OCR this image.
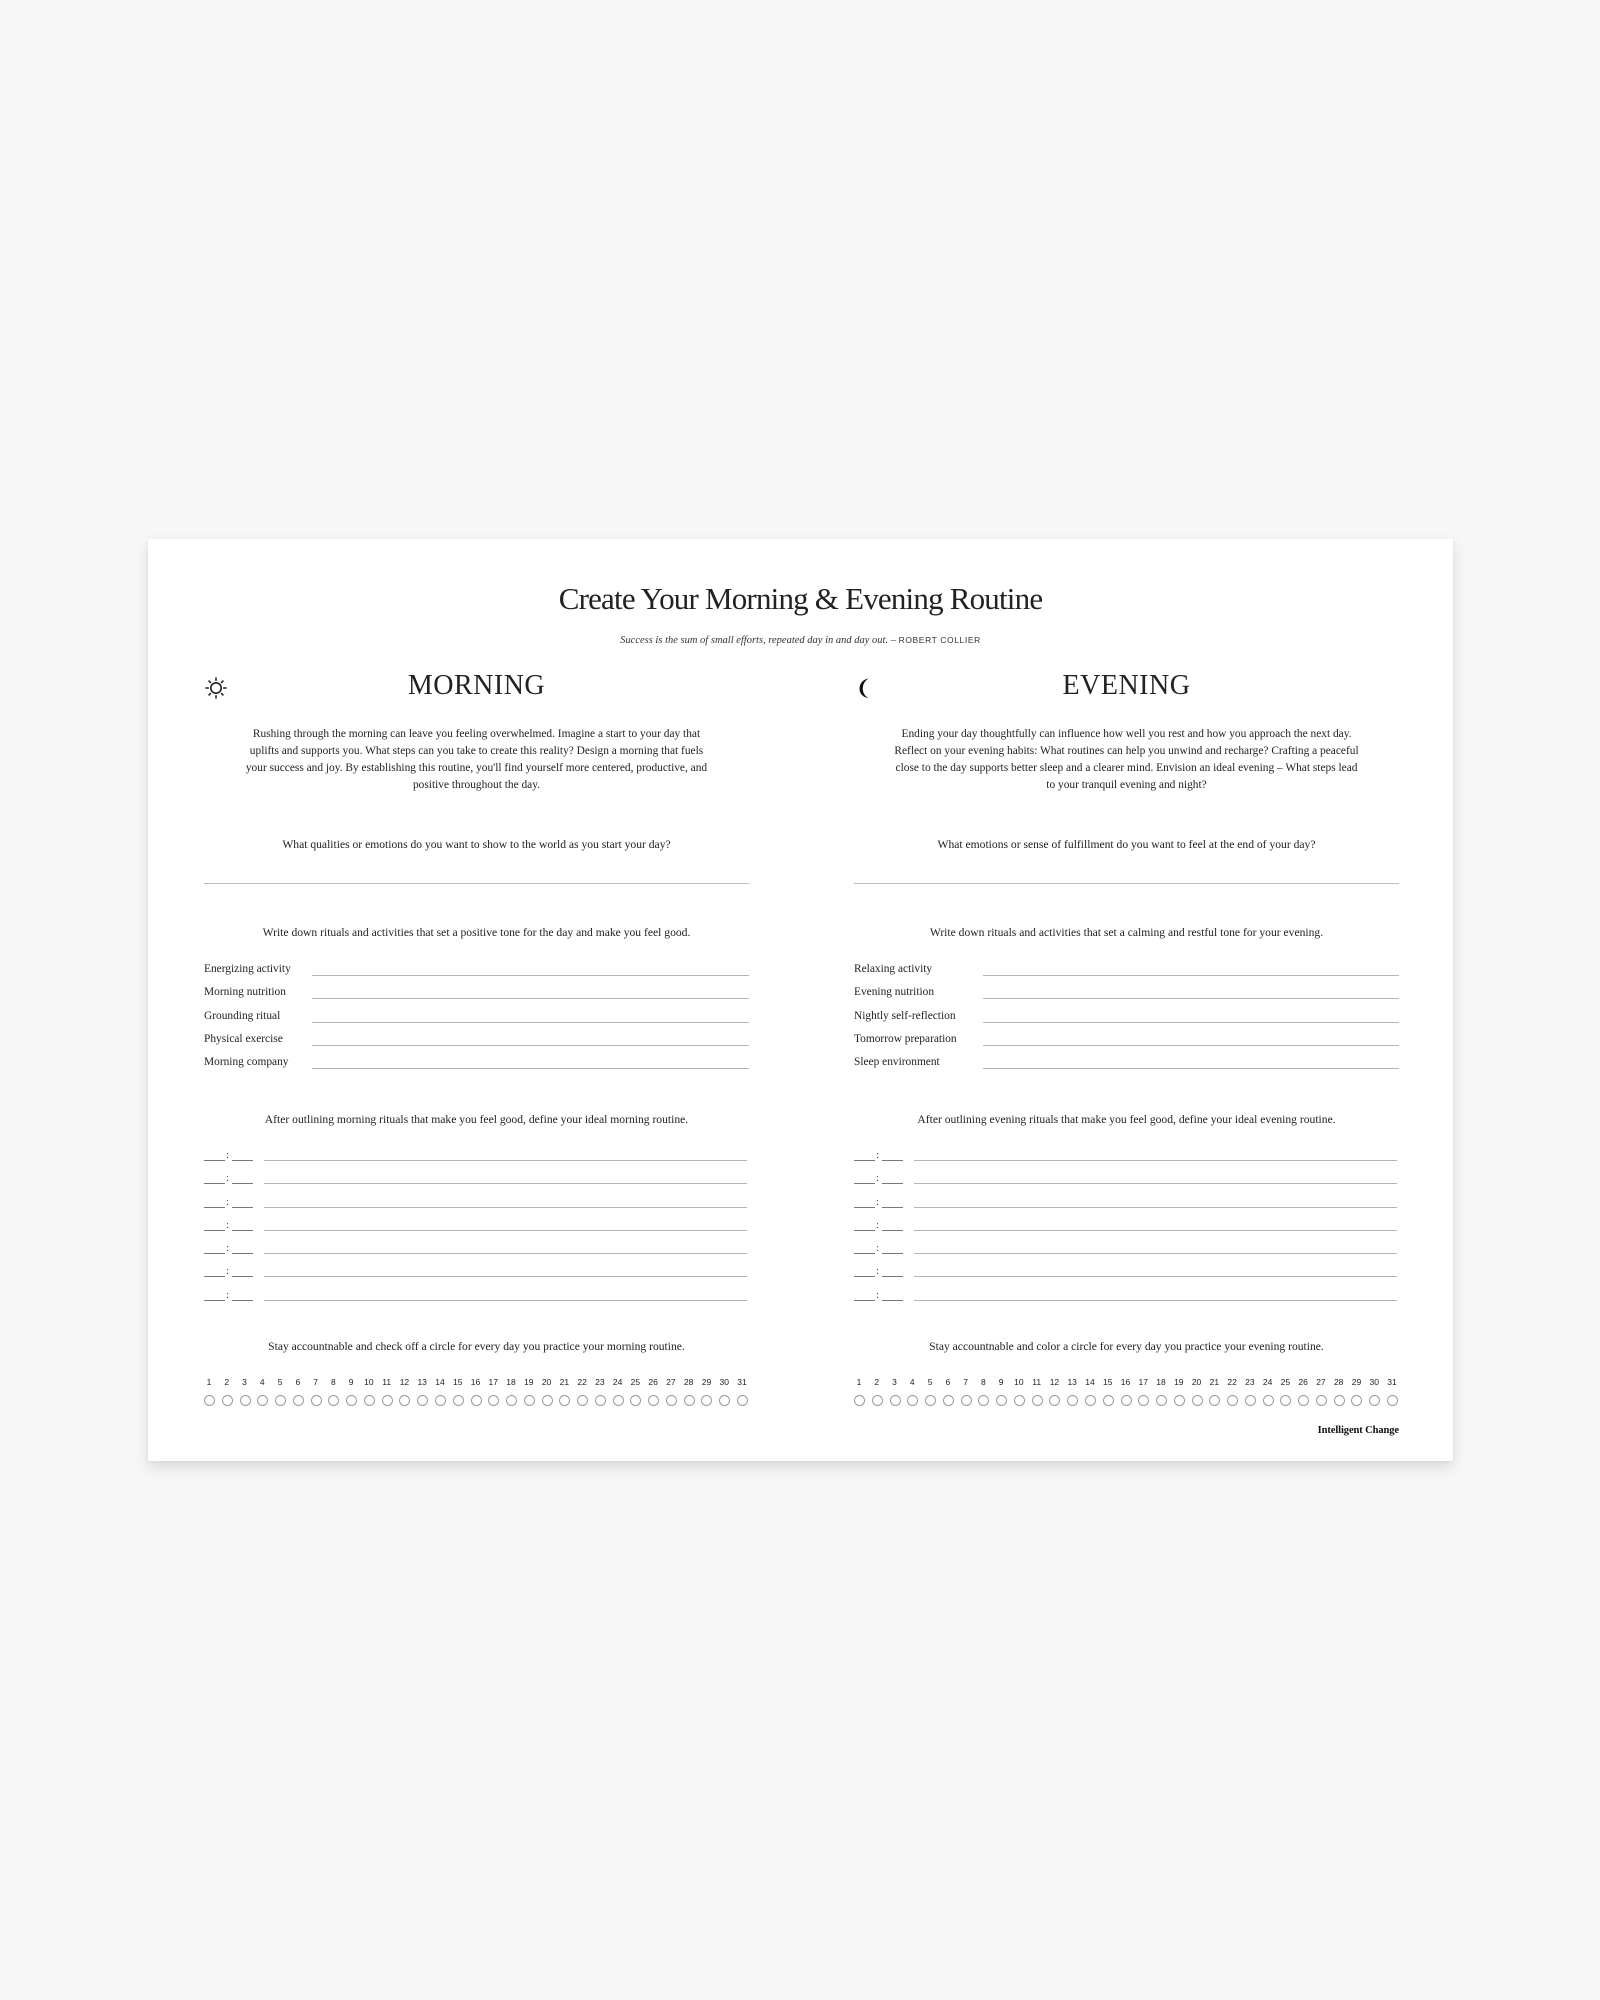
Create Your Morning & Evening Routine
Success is the sum of small efforts, repeated day in and day out. – ROBERT COLLIER
MORNING
Rushing through the morning can leave you feeling overwhelmed. Imagine a start to your day that uplifts and supports you. What steps can you take to create this reality? Design a morning that fuels your success and joy. By establishing this routine, you'll find yourself more centered, productive, and positive throughout the day.
What qualities or emotions do you want to show to the world as you start your day?
Write down rituals and activities that set a positive tone for the day and make you feel good.
Energizing activity
Morning nutrition
Grounding ritual
Physical exercise
Morning company
After outlining morning rituals that make you feel good, define your ideal morning routine.
:
:
:
:
:
:
:
Stay accountnable and check off a circle for every day you practice your morning routine.
1	2	3	4	5	6	7	8	9	10	11	12 13 14 15 16 17 18 19 20 21 22 23 24 25 26 27 28 29 30 31
EVENING
Ending your day thoughtfully can influence how well you rest and how you approach the next day. Reflect on your evening habits: What routines can help you unwind and recharge? Crafting a peaceful close to the day supports better sleep and a clearer mind. Envision an ideal evening – What steps lead to your tranquil evening and night?
What emotions or sense of fulfillment do you want to feel at the end of your day?
Write down rituals and activities that set a calming and restful tone for your evening.
Relaxing activity
Evening nutrition
Nightly self-reflection
Tomorrow preparation
Sleep environment
After outlining evening rituals that make you feel good, define your ideal evening routine.
:
:
:
:
:
:
:
Stay accountnable and color a circle for every day you practice your evening routine.
1	2	3	4	5	6	7	8	9	10	11	12 13 14 15 16 17 18 19 20 21 22 23 24 25 26 27 28 29 30 31
Intelligent Change
